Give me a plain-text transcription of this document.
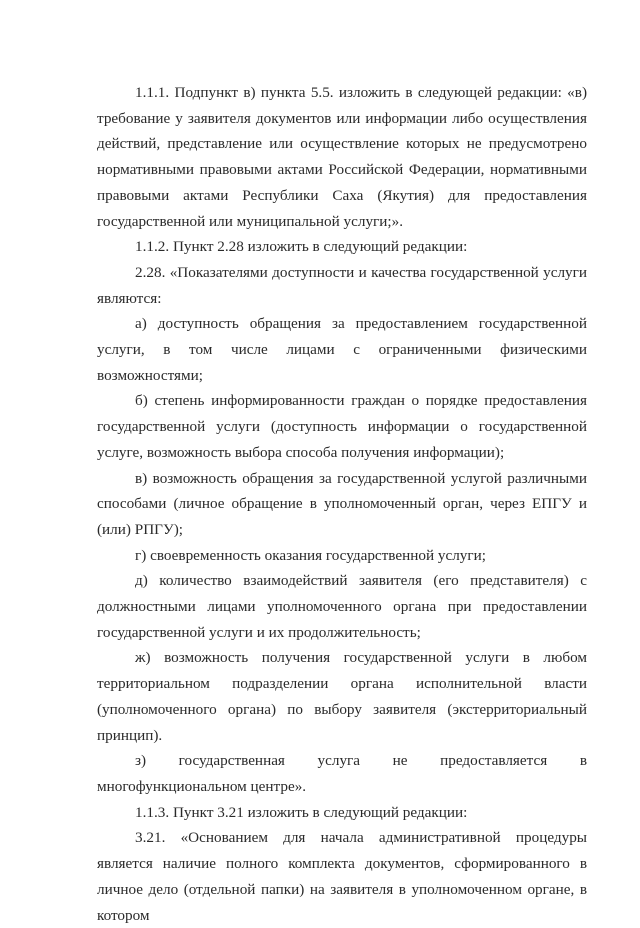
1.1.1. Подпункт в) пункта 5.5. изложить в следующей редакции: «в) требование у заявителя документов или информации либо осуществления действий, представление или осуществление которых не предусмотрено нормативными правовыми актами Российской Федерации, нормативными правовыми актами Республики Саха (Якутия) для предоставления государственной или муниципальной услуги;».

1.1.2. Пункт 2.28 изложить в следующий редакции:

2.28. «Показателями доступности и качества государственной услуги являются:

а) доступность обращения за предоставлением государственной услуги, в том числе лицами с ограниченными физическими возможностями;

б) степень информированности граждан о порядке предоставления государственной услуги (доступность информации о государственной услуге, возможность выбора способа получения информации);

в) возможность обращения за государственной услугой различными способами (личное обращение в уполномоченный орган, через ЕПГУ и (или) РПГУ);

г) своевременность оказания государственной услуги;

д) количество взаимодействий заявителя (его представителя) с должностными лицами уполномоченного органа при предоставлении государственной услуги и их продолжительность;

ж) возможность получения государственной услуги в любом территориальном подразделении органа исполнительной власти (уполномоченного органа) по выбору заявителя (экстерриториальный принцип).

з) государственная услуга не предоставляется в многофункциональном центре».

1.1.3. Пункт 3.21 изложить в следующий редакции:

3.21. «Основанием для начала административной процедуры является наличие полного комплекта документов, сформированного в личное дело (отдельной папки) на заявителя в уполномоченном органе, в котором
